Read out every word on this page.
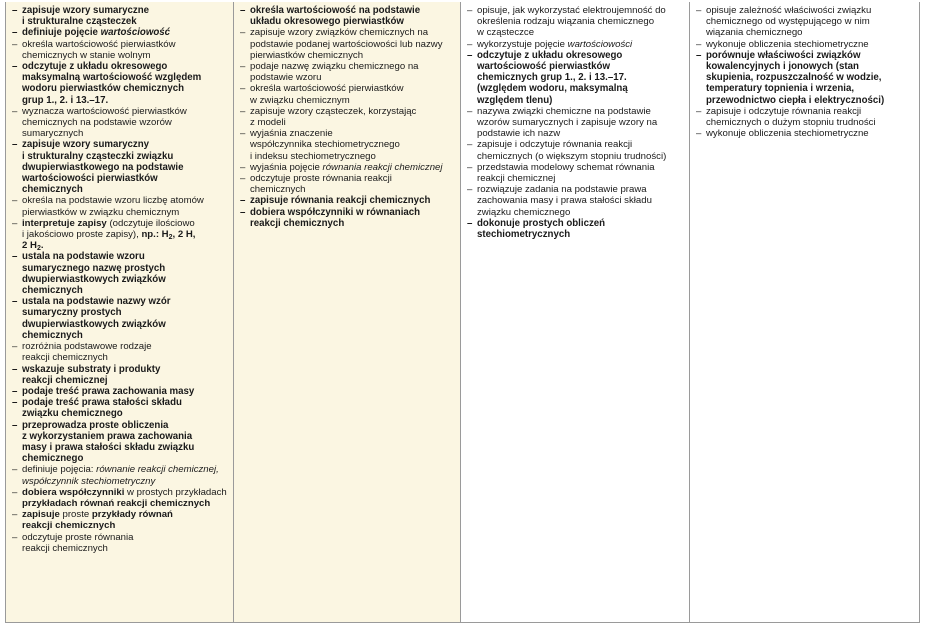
– zapisuje wzory sumaryczne
i strukturalne cząsteczek
– definiuje pojęcie wartościowość
– określa wartościowość pierwiastków
chemicznych w stanie wolnym
– odczytuje z układu okresowego
maksymalną wartościowość względem
wodoru pierwiastków chemicznych
grup 1., 2. i 13.–17.
– wyznacza wartościowość pierwiastków
chemicznych na podstawie wzorów
sumarycznych
– zapisuje wzory sumaryczny
i strukturalny cząsteczki związku
dwupierwiastkowego na podstawie
wartościowości pierwiastków
chemicznych
– określa na podstawie wzoru liczbę atomów
pierwiastków w związku chemicznym
– interpretuje zapisy (odczytuje ilościowo
i jakościowo proste zapisy), np.: $H_2$, 2 H,
2 $H_2$.
– ustala na podstawie wzoru
sumarycznego nazwę prostych
dwupierwiastkowych związków
chemicznych
– ustala na podstawie nazwy wzór
sumaryczny prostych
dwupierwiastkowych związków
chemicznych
– rozróżnia podstawowe rodzaje
reakcji chemicznych
– wskazuje substraty i produkty
reakcji chemicznej
– podaje treść prawa zachowania masy
– podaje treść prawa stałości składu
związku chemicznego
– przeprowadza proste obliczenia
z wykorzystaniem prawa zachowania
masy i prawa stałości składu związku
chemicznego
– definiuje pojęcia: równanie reakcji chemicznej,
współczynnik stechiometryczny
– dobiera współczynniki w prostych przykładach
przykładach równań reakcji chemicznych
– zapisuje proste przykłady równań
reakcji chemicznych
– odczytuje proste równania
reakcji chemicznych
– określa wartościowość na podstawie
układu okresowego pierwiastków
– zapisuje wzory związków chemicznych na
podstawie podanej wartościowości lub nazwy
pierwiastków chemicznych
– podaje nazwę związku chemicznego na
podstawie wzoru
– określa wartościowość pierwiastków
w związku chemicznym
– zapisuje wzory cząsteczek, korzystając
z modeli
– wyjaśnia znaczenie
współczynnika stechiometrycznego
i indeksu stechiometrycznego
– wyjaśnia pojęcie równania reakcji chemicznej
– odczytuje proste równania reakcji
chemicznych
– zapisuje równania reakcji chemicznych
– dobiera współczynniki w równaniach
reakcji chemicznych
– opisuje, jak wykorzystać elektroujemność do
określenia rodzaju wiązania chemicznego
w cząsteczce
– wykorzystuje pojęcie wartościowości
– odczytuje z układu okresowego
wartościowość pierwiastków
chemicznych grup 1., 2. i 13.–17.
(względem wodoru, maksymalną
względem tlenu)
– nazywa związki chemiczne na podstawie
wzorów sumarycznych i zapisuje wzory na
podstawie ich nazw
– zapisuje i odczytuje równania reakcji
chemicznych (o większym stopniu trudności)
– przedstawia modelowy schemat równania
reakcji chemicznej
– rozwiązuje zadania na podstawie prawa
zachowania masy i prawa stałości składu
związku chemicznego
– dokonuje prostych obliczeń
stechiometrycznych
– opisuje zależność właściwości związku
chemicznego od występującego w nim
wiązania chemicznego
– wykonuje obliczenia stechiometryczne
– porównuje właściwości związków
kowalencyjnych i jonowych (stan
skupienia, rozpuszczalność w wodzie,
temperatury topnienia i wrzenia,
przewodnictwo ciepła i elektryczności)
– zapisuje i odczytuje równania reakcji
chemicznych o dużym stopniu trudności
– wykonuje obliczenia stechiometryczne
